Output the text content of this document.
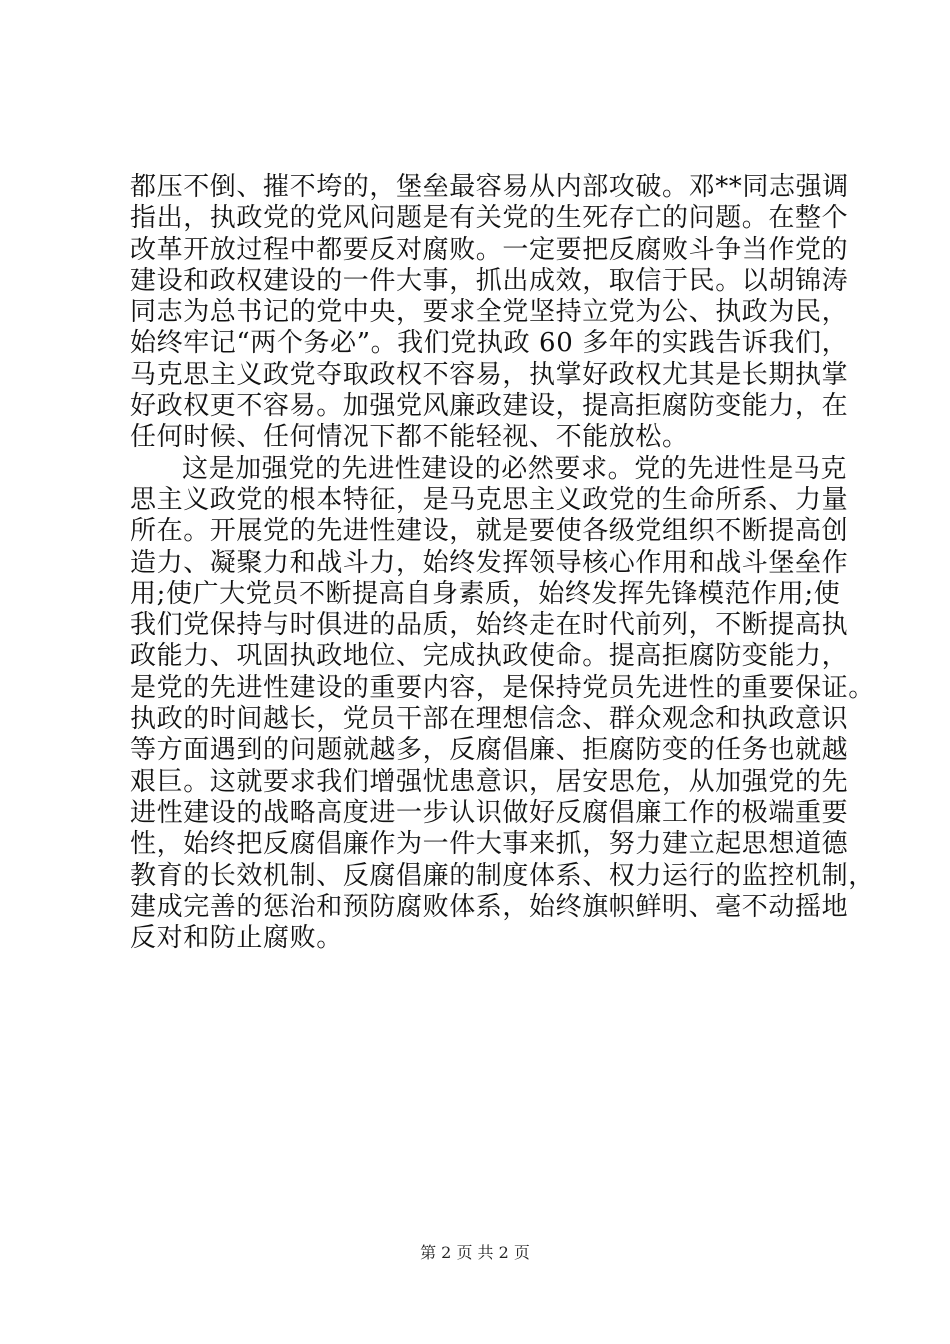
都压不倒、摧不垮的，堡垒最容易从内部攻破。邓**同志强调
指出，执政党的党风问题是有关党的生死存亡的问题。在整个
改革开放过程中都要反对腐败。一定要把反腐败斗争当作党的
建设和政权建设的一件大事，抓出成效，取信于民。以胡锦涛
同志为总书记的党中央，要求全党坚持立党为公、执政为民，
始终牢记“两个务必”。我们党执政 60 多年的实践告诉我们，
马克思主义政党夺取政权不容易，执掌好政权尤其是长期执掌
好政权更不容易。加强党风廉政建设，提高拒腐防变能力，在
任何时候、任何情况下都不能轻视、不能放松。
这是加强党的先进性建设的必然要求。党的先进性是马克
思主义政党的根本特征，是马克思主义政党的生命所系、力量
所在。开展党的先进性建设，就是要使各级党组织不断提高创
造力、凝聚力和战斗力，始终发挥领导核心作用和战斗堡垒作
用;使广大党员不断提高自身素质，始终发挥先锋模范作用;使
我们党保持与时俱进的品质，始终走在时代前列，不断提高执
政能力、巩固执政地位、完成执政使命。提高拒腐防变能力，
是党的先进性建设的重要内容，是保持党员先进性的重要保证。
执政的时间越长，党员干部在理想信念、群众观念和执政意识
等方面遇到的问题就越多，反腐倡廉、拒腐防变的任务也就越
艰巨。这就要求我们增强忧患意识，居安思危，从加强党的先
进性建设的战略高度进一步认识做好反腐倡廉工作的极端重要
性，始终把反腐倡廉作为一件大事来抓，努力建立起思想道德
教育的长效机制、反腐倡廉的制度体系、权力运行的监控机制，
建成完善的惩治和预防腐败体系，始终旗帜鲜明、毫不动摇地
反对和防止腐败。
第 2 页 共 2 页
